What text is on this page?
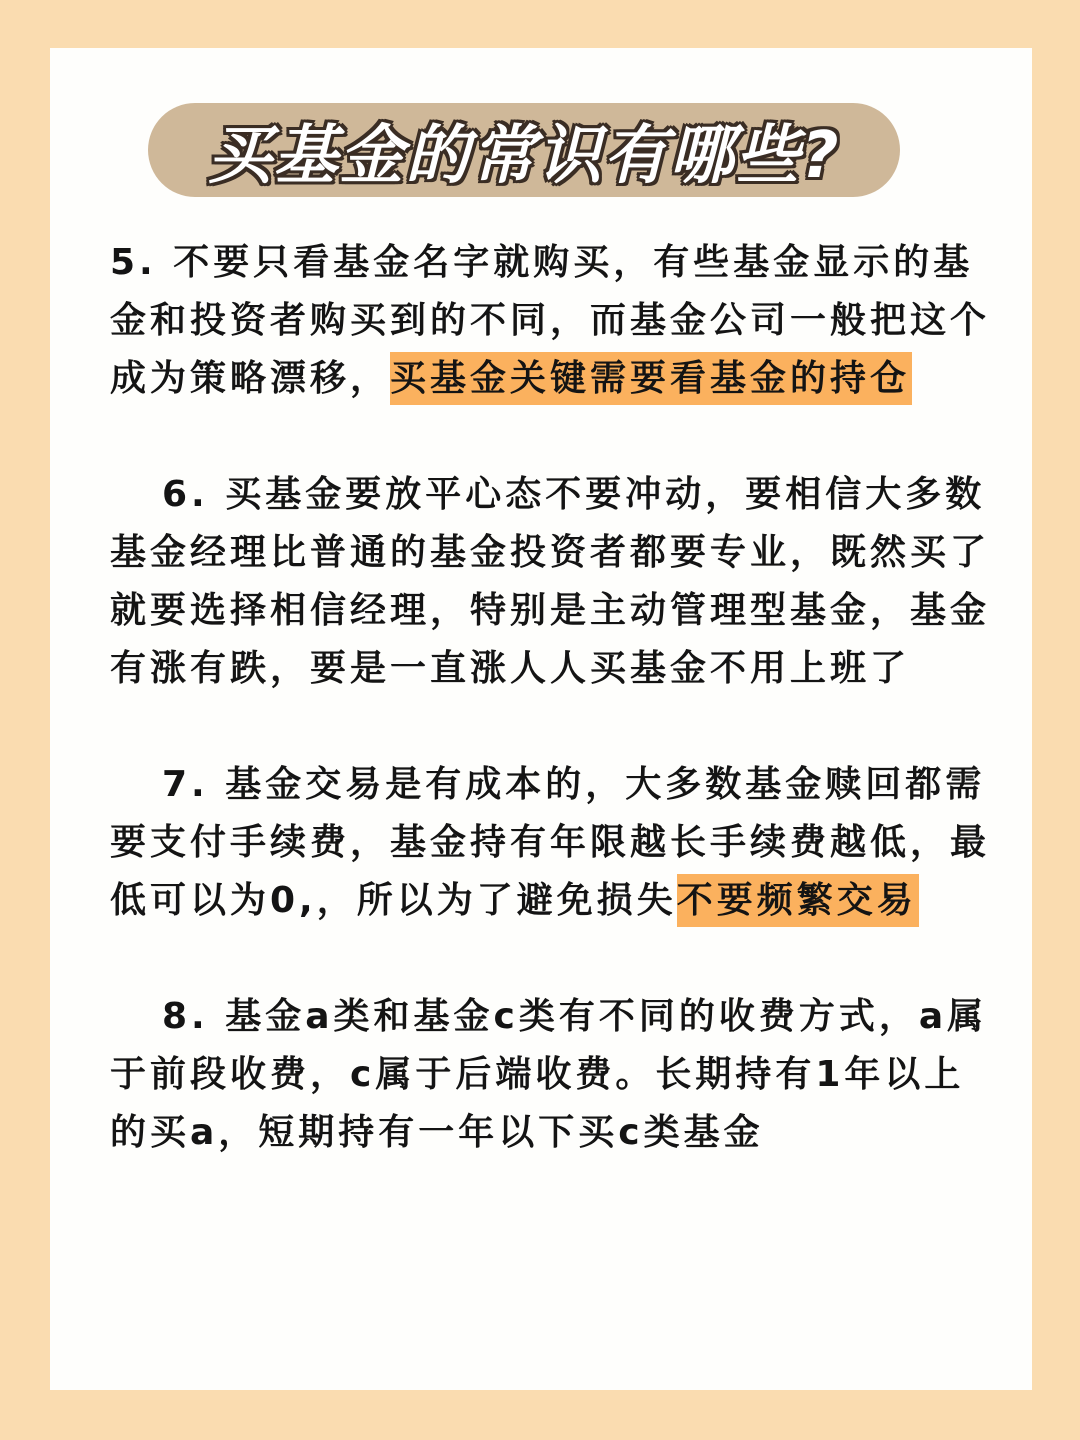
买基金的常识有哪些?

5. 不要只看基金名字就购买，有些基金显示的基金和投资者购买到的不同，而基金公司一般把这个成为策略漂移，买基金关键需要看基金的持仓

6. 买基金要放平心态不要冲动，要相信大多数基金经理比普通的基金投资者都要专业，既然买了就要选择相信经理，特别是主动管理型基金，基金有涨有跌，要是一直涨人人买基金不用上班了

7. 基金交易是有成本的，大多数基金赎回都需要支付手续费，基金持有年限越长手续费越低，最低可以为0,，所以为了避免损失不要频繁交易

8. 基金a类和基金c类有不同的收费方式，a属于前段收费，c属于后端收费。长期持有1年以上的买a，短期持有一年以下买c类基金
